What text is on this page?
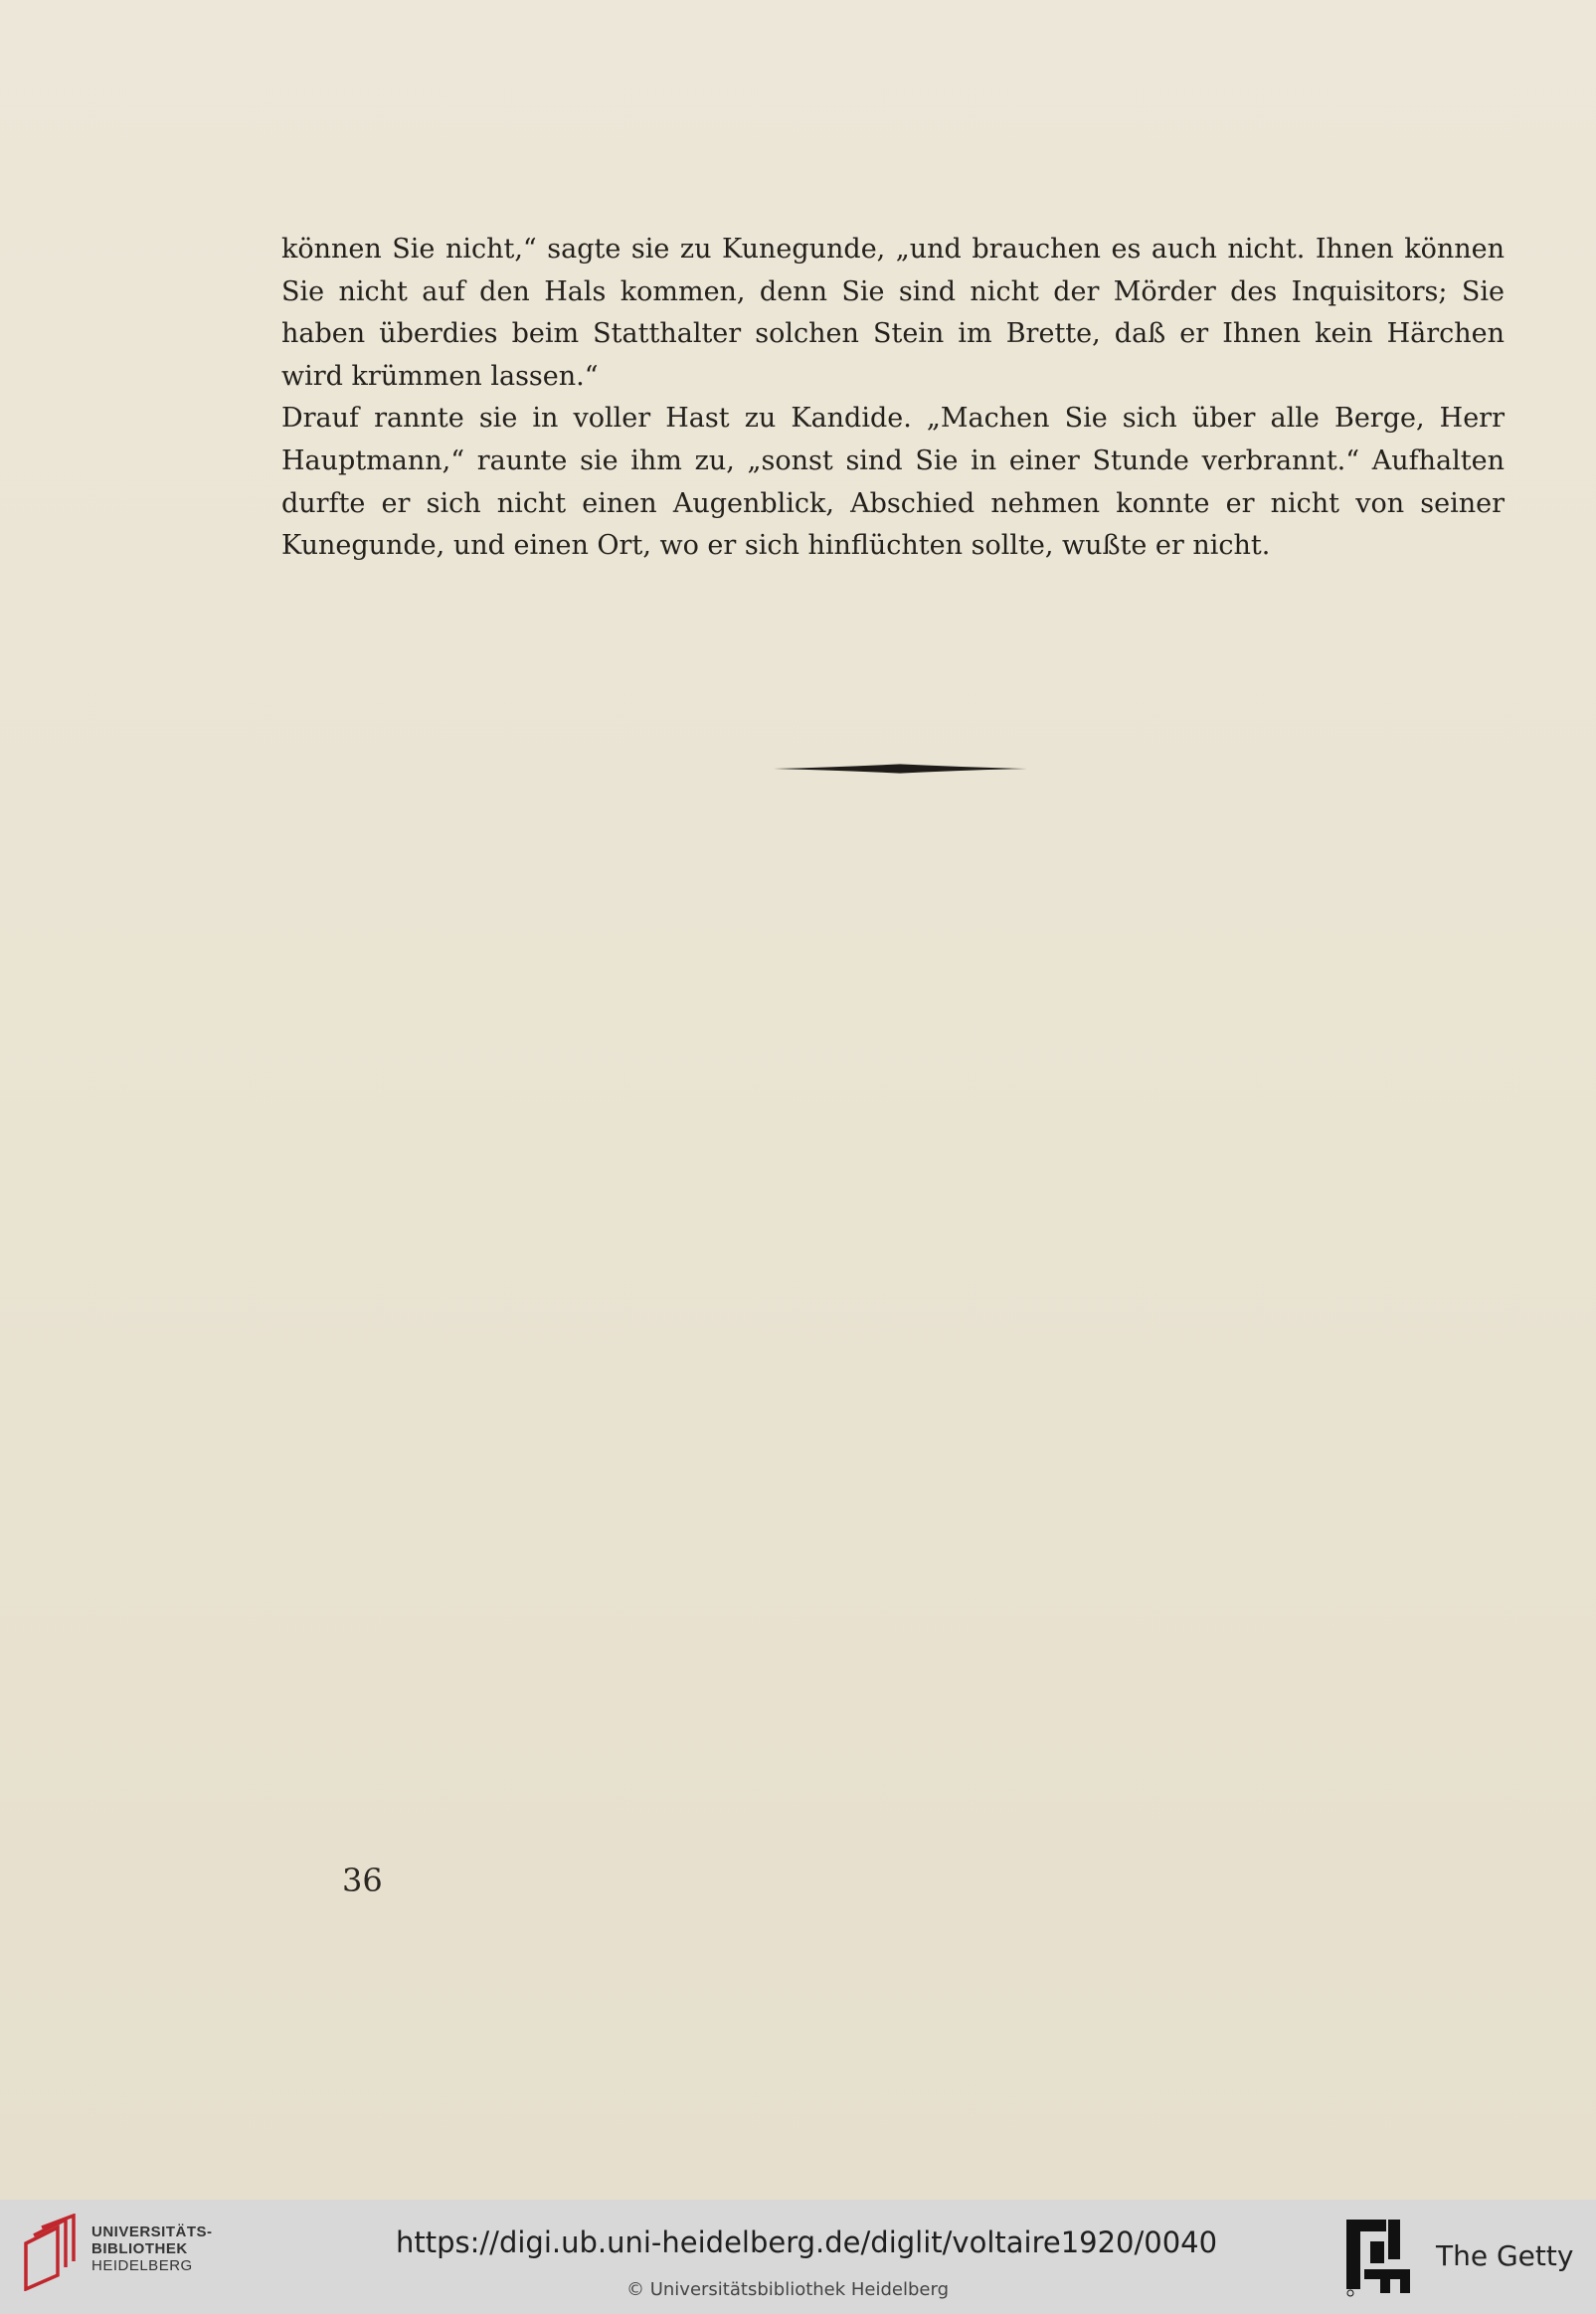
können Sie nicht,“ sagte sie zu Kunegunde, „und brauchen es auch nicht. Ihnen können Sie nicht auf den Hals kommen, denn Sie sind nicht der Mörder des Inquisitors; Sie haben überdies beim Statthalter solchen Stein im Brette, daß er Ihnen kein Härchen wird krümmen lassen.“

Drauf rannte sie in voller Hast zu Kandide. „Machen Sie sich über alle Berge, Herr Hauptmann,“ raunte sie ihm zu, „sonst sind Sie in einer Stunde verbrannt.“ Aufhalten durfte er sich nicht einen Augenblick, Abschied nehmen konnte er nicht von seiner Kunegunde, und einen Ort, wo er sich hinflüchten sollte, wußte er nicht.

36
UNIVERSITÄTS-
BIBLIOTHEK
HEIDELBERG
https://digi.ub.uni-heidelberg.de/diglit/voltaire1920/0040
© Universitätsbibliothek Heidelberg
The Getty
